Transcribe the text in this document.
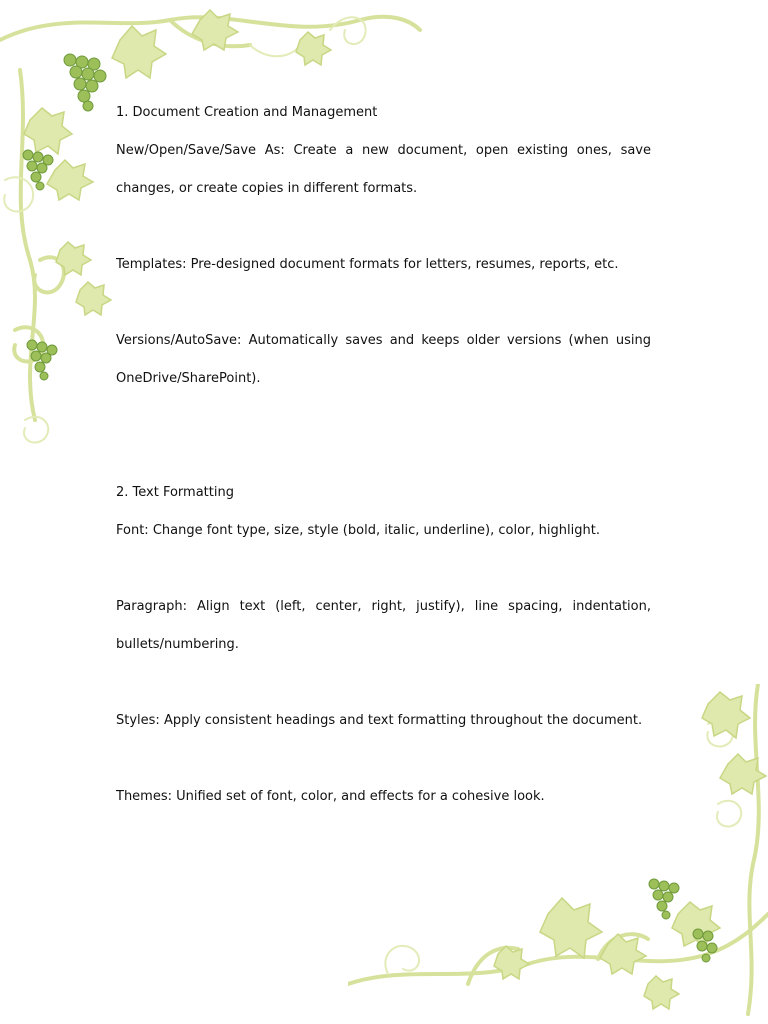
1. Document Creation and Management

New/Open/Save/Save As: Create a new document, open existing ones, save changes, or create copies in different formats.

Templates: Pre-designed document formats for letters, resumes, reports, etc.

Versions/AutoSave: Automatically saves and keeps older versions (when using OneDrive/SharePoint).

2. Text Formatting

Font: Change font type, size, style (bold, italic, underline), color, highlight.

Paragraph: Align text (left, center, right, justify), line spacing, indentation, bullets/numbering.

Styles: Apply consistent headings and text formatting throughout the document.

Themes: Unified set of font, color, and effects for a cohesive look.
